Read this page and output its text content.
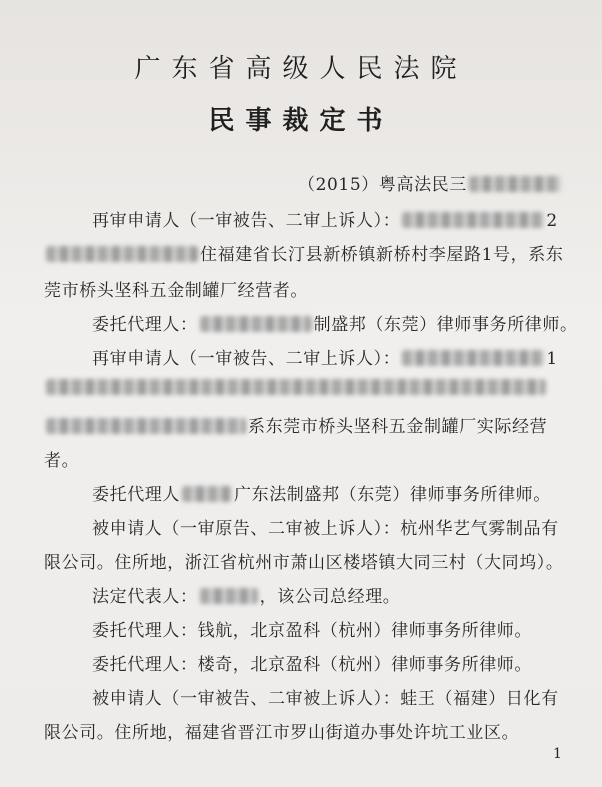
广东省高级人民法院
民事裁定书
（2015）粤高法民三
再审申请人（一审被告、二审上诉人）：	2
住福建省长汀县新桥镇新桥村李屋路1号，系东
莞市桥头坚科五金制罐厂经营者。
委托代理人：	制盛邦（东莞）律师事务所律师。
再审申请人（一审被告、二审上诉人）：	1
系东莞市桥头坚科五金制罐厂实际经营
者。
委托代理人	广东法制盛邦（东莞）律师事务所律师。
被申请人（一审原告、二审被上诉人）：杭州华艺气雾制品有
限公司。住所地，浙江省杭州市萧山区楼塔镇大同三村（大同坞）。
法定代表人：	，该公司总经理。
委托代理人：钱航，北京盈科（杭州）律师事务所律师。
委托代理人：楼奇，北京盈科（杭州）律师事务所律师。
被申请人（一审被告、二审被上诉人）：蛙王（福建）日化有
限公司。住所地，福建省晋江市罗山街道办事处许坑工业区。
1
